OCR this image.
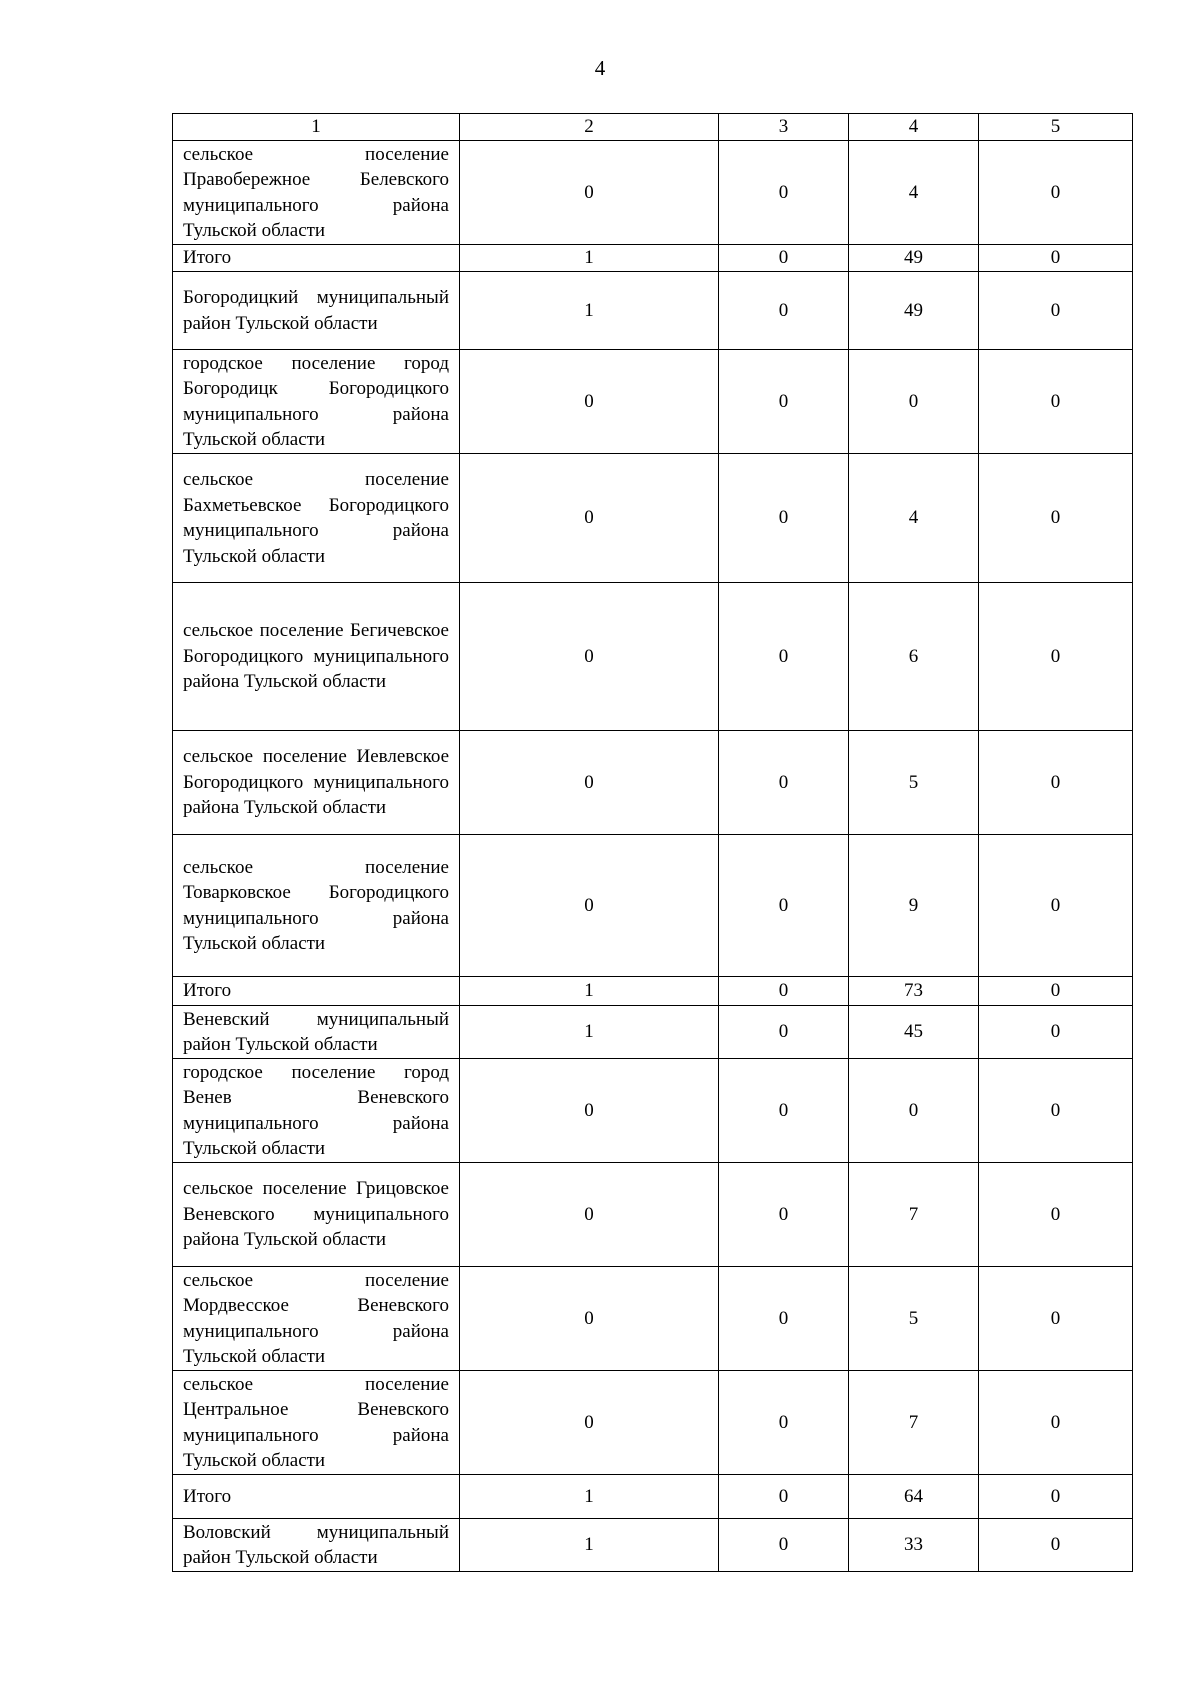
4
1	2	3	4	5
сельское поселение Правобережное Белевского муниципального района Тульской области	0	0	4	0
Итого	1	0	49	0
Богородицкий муниципальный район Тульской области	1	0	49	0
городское поселение город Богородицк Богородицкого муниципального района Тульской области	0	0	0	0
сельское поселение Бахметьевское Богородицкого муниципального района Тульской области	0	0	4	0
сельское поселение Бегичевское Богородицкого муниципального района Тульской области	0	0	6	0
сельское поселение Иевлевское Богородицкого муниципального района Тульской области	0	0	5	0
сельское поселение Товарковское Богородицкого муниципального района Тульской области	0	0	9	0
Итого	1	0	73	0
Веневский муниципальный район Тульской области	1	0	45	0
городское поселение город Венев Веневского муниципального района Тульской области	0	0	0	0
сельское поселение Грицовское Веневского муниципального района Тульской области	0	0	7	0
сельское поселение Мордвесское Веневского муниципального района Тульской области	0	0	5	0
сельское поселение Центральное Веневского муниципального района Тульской области	0	0	7	0
Итого	1	0	64	0
Воловский муниципальный район Тульской области	1	0	33	0
